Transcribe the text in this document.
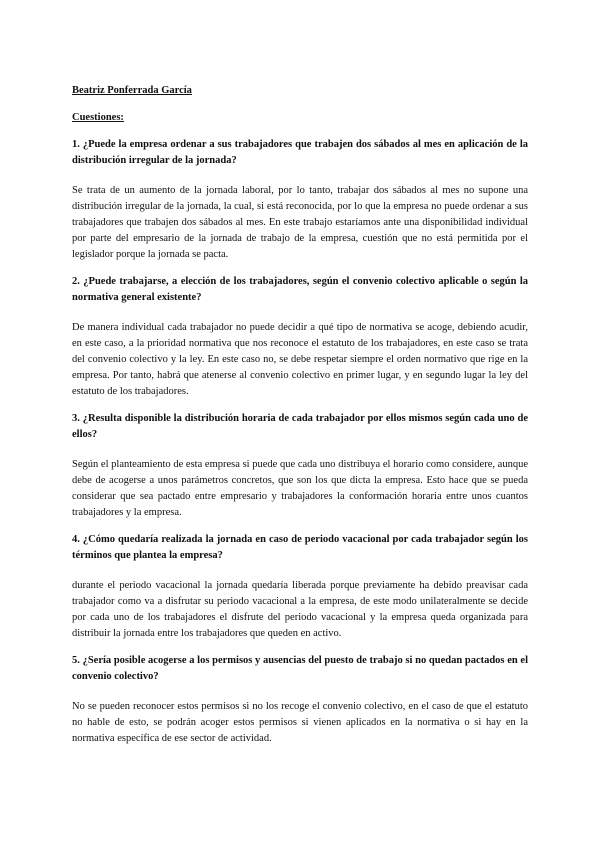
Beatriz Ponferrada García

Cuestiones:

1. ¿Puede la empresa ordenar a sus trabajadores que trabajen dos sábados al mes en aplicación de la distribución irregular de la jornada?

Se trata de un aumento de la jornada laboral, por lo tanto, trabajar dos sábados al mes no supone una distribución irregular de la jornada, la cual, si está reconocida, por lo que la empresa no puede ordenar a sus trabajadores que trabajen dos sábados al mes. En este trabajo estaríamos ante una disponibilidad individual por parte del empresario de la jornada de trabajo de la empresa, cuestión que no está permitida por el legislador porque la jornada se pacta.

2. ¿Puede trabajarse, a elección de los trabajadores, según el convenio colectivo aplicable o según la normativa general existente?

De manera individual cada trabajador no puede decidir a qué tipo de normativa se acoge, debiendo acudir, en este caso, a la prioridad normativa que nos reconoce el estatuto de los trabajadores, en este caso se trata del convenio colectivo y la ley. En este caso no, se debe respetar siempre el orden normativo que rige en la empresa. Por tanto, habrá que atenerse al convenio colectivo en primer lugar, y en segundo lugar la ley del estatuto de los trabajadores.

3. ¿Resulta disponible la distribución horaria de cada trabajador por ellos mismos según cada uno de ellos?

Según el planteamiento de esta empresa si puede que cada uno distribuya el horario como considere, aunque debe de acogerse a unos parámetros concretos, que son los que dicta la empresa. Esto hace que se pueda considerar que sea pactado entre empresario y trabajadores la conformación horaria entre unos cuantos trabajadores y la empresa.

4. ¿Cómo quedaría realizada la jornada en caso de periodo vacacional por cada trabajador según los términos que plantea la empresa?

durante el periodo vacacional la jornada quedaría liberada porque previamente ha debido preavisar cada trabajador como va a disfrutar su periodo vacacional a la empresa, de este modo unilateralmente se decide por cada uno de los trabajadores el disfrute del periodo vacacional y la empresa queda organizada para distribuir la jornada entre los trabajadores que queden en activo.

5. ¿Sería posible acogerse a los permisos y ausencias del puesto de trabajo si no quedan pactados en el convenio colectivo?

No se pueden reconocer estos permisos si no los recoge el convenio colectivo, en el caso de que el estatuto no hable de esto, se podrán acoger estos permisos si vienen aplicados en la normativa o si hay en la normativa específica de ese sector de actividad.
